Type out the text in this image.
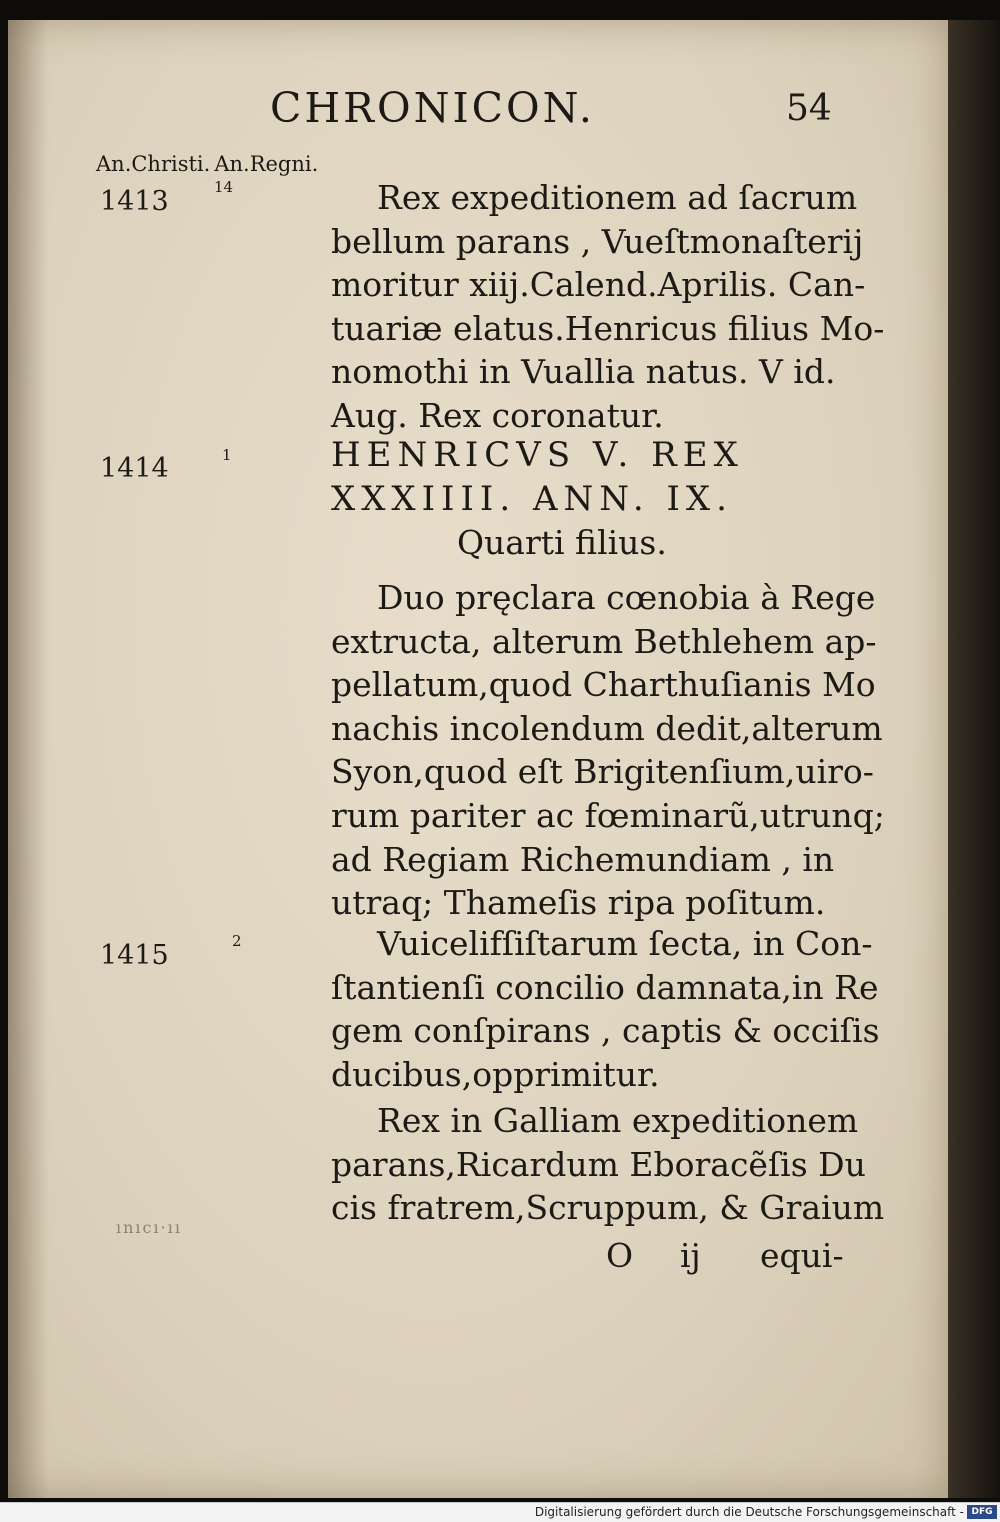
CHRONICON.	54
An.Christi. An.Regni.
1413	14
1414	1
1415	2
Rex expeditionem ad ſacrum
bellum parans , Vueſtmonaſterij
moritur xiij.Calend.Aprilis. Can-
tuariæ elatus.Henricus filius Mo-
nomothi in Vuallia natus. V id.
Aug. Rex coronatur.
HENRICVS V. REX
XXXIIII. ANN. IX.
Quarti filius.
Duo pręclara cœnobia à Rege
extructa, alterum Bethlehem ap-
pellatum,quod Charthuſianis Mo
nachis incolendum dedit,alterum
Syon,quod eſt Brigitenſium,uiro-
rum pariter ac fœminarũ,utrunq;
ad Regiam Richemundiam , in
utraq; Thameſis ripa poſitum.
Vuicelifſiſtarum ſecta, in Con-
ſtantienſi concilio damnata,in Re
gem conſpirans , captis & occiſis
ducibus,opprimitur.
Rex in Galliam expeditionem
parans,Ricardum Eboracẽſis Du
cis fratrem,Scruppum, & Graium
O ij equi-
ınıcı·ıı
Digitalisierung gefördert durch die Deutsche Forschungsgemeinschaft - DFG
